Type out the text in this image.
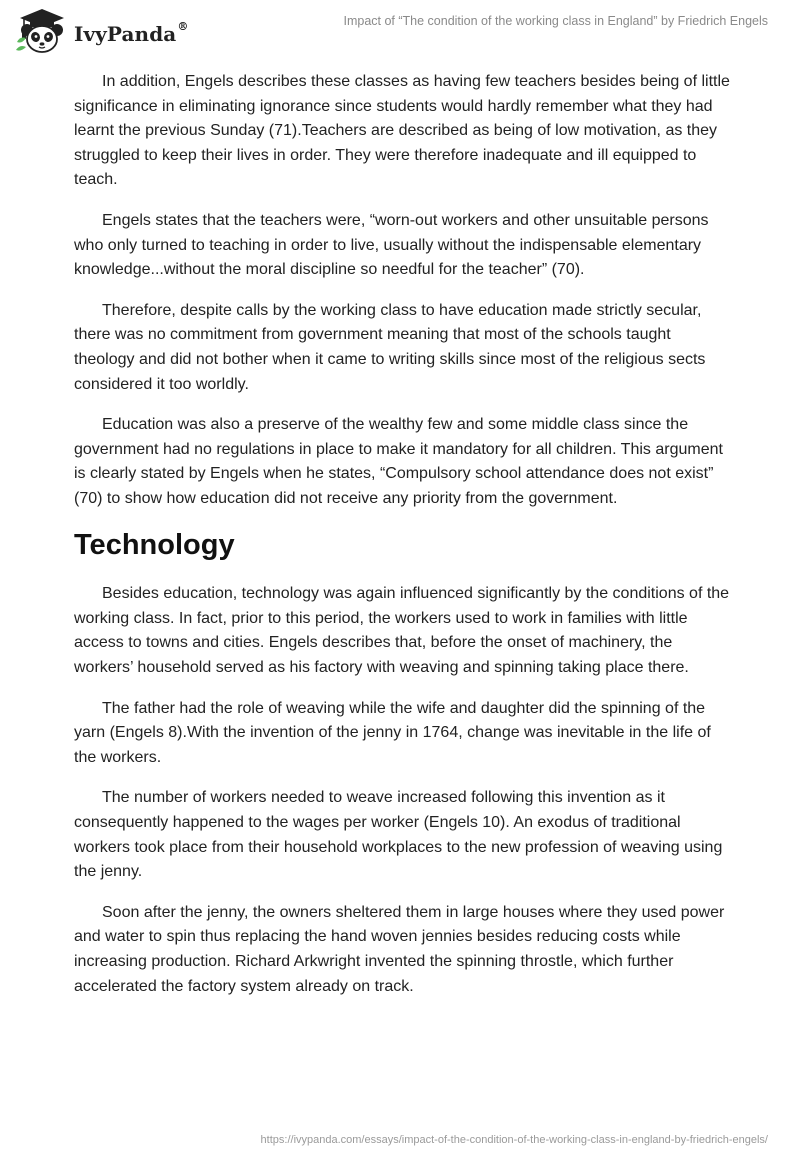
IvyPanda®	Impact of “The condition of the working class in England” by Friedrich Engels

In addition, Engels describes these classes as having few teachers besides being of little significance in eliminating ignorance since students would hardly remember what they had learnt the previous Sunday (71).Teachers are described as being of low motivation, as they struggled to keep their lives in order. They were therefore inadequate and ill equipped to teach.

Engels states that the teachers were, “worn-out workers and other unsuitable persons who only turned to teaching in order to live, usually without the indispensable elementary knowledge...without the moral discipline so needful for the teacher” (70).

Therefore, despite calls by the working class to have education made strictly secular, there was no commitment from government meaning that most of the schools taught theology and did not bother when it came to writing skills since most of the religious sects considered it too worldly.

Education was also a preserve of the wealthy few and some middle class since the government had no regulations in place to make it mandatory for all children. This argument is clearly stated by Engels when he states, “Compulsory school attendance does not exist” (70) to show how education did not receive any priority from the government.

Technology

Besides education, technology was again influenced significantly by the conditions of the working class. In fact, prior to this period, the workers used to work in families with little access to towns and cities. Engels describes that, before the onset of machinery, the workers’ household served as his factory with weaving and spinning taking place there.

The father had the role of weaving while the wife and daughter did the spinning of the yarn (Engels 8).With the invention of the jenny in 1764, change was inevitable in the life of the workers.

The number of workers needed to weave increased following this invention as it consequently happened to the wages per worker (Engels 10). An exodus of traditional workers took place from their household workplaces to the new profession of weaving using the jenny.

Soon after the jenny, the owners sheltered them in large houses where they used power and water to spin thus replacing the hand woven jennies besides reducing costs while increasing production. Richard Arkwright invented the spinning throstle, which further accelerated the factory system already on track.

https://ivypanda.com/essays/impact-of-the-condition-of-the-working-class-in-england-by-friedrich-engels/
